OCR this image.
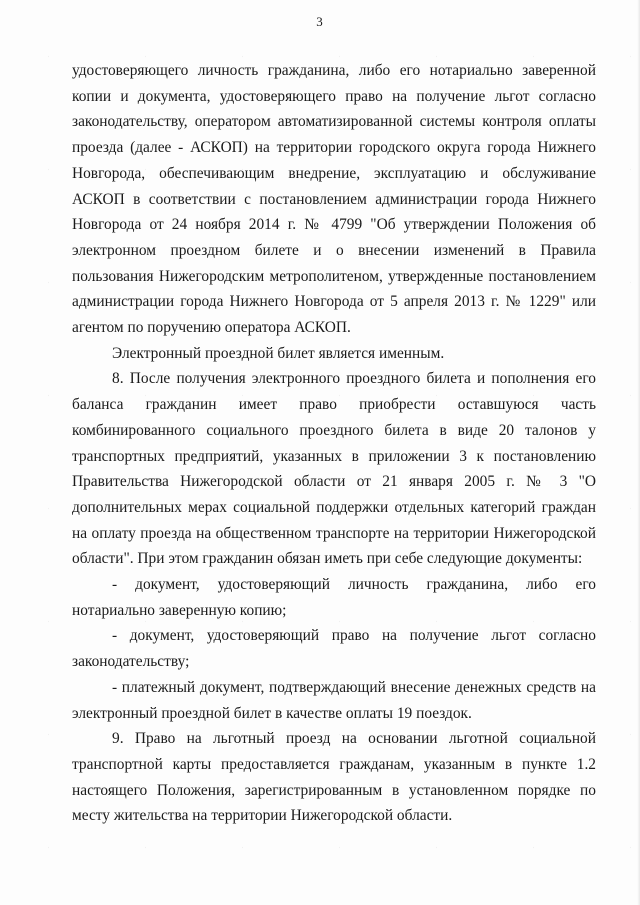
3

удостоверяющего личность гражданина, либо его нотариально заверенной копии и документа, удостоверяющего право на получение льгот согласно законодательству, оператором автоматизированной системы контроля оплаты проезда (далее - АСКОП) на территории городского округа города Нижнего Новгорода, обеспечивающим внедрение, эксплуатацию и обслуживание АСКОП в соответствии с постановлением администрации города Нижнего Новгорода от 24 ноября 2014 г. № 4799 "Об утверждении Положения об электронном проездном билете и о внесении изменений в Правила пользования Нижегородским метрополитеном, утвержденные постановлением администрации города Нижнего Новгорода от 5 апреля 2013 г. № 1229" или агентом по поручению оператора АСКОП.

Электронный проездной билет является именным.

8. После получения электронного проездного билета и пополнения его баланса гражданин имеет право приобрести оставшуюся часть комбинированного социального проездного билета в виде 20 талонов у транспортных предприятий, указанных в приложении 3 к постановлению Правительства Нижегородской области от 21 января 2005 г. № 3 "О дополнительных мерах социальной поддержки отдельных категорий граждан на оплату проезда на общественном транспорте на территории Нижегородской области". При этом гражданин обязан иметь при себе следующие документы:

- документ, удостоверяющий личность гражданина, либо его нотариально заверенную копию;

- документ, удостоверяющий право на получение льгот согласно законодательству;

- платежный документ, подтверждающий внесение денежных средств на электронный проездной билет в качестве оплаты 19 поездок.

9. Право на льготный проезд на основании льготной социальной транспортной карты предоставляется гражданам, указанным в пункте 1.2 настоящего Положения, зарегистрированным в установленном порядке по месту жительства на территории Нижегородской области.
